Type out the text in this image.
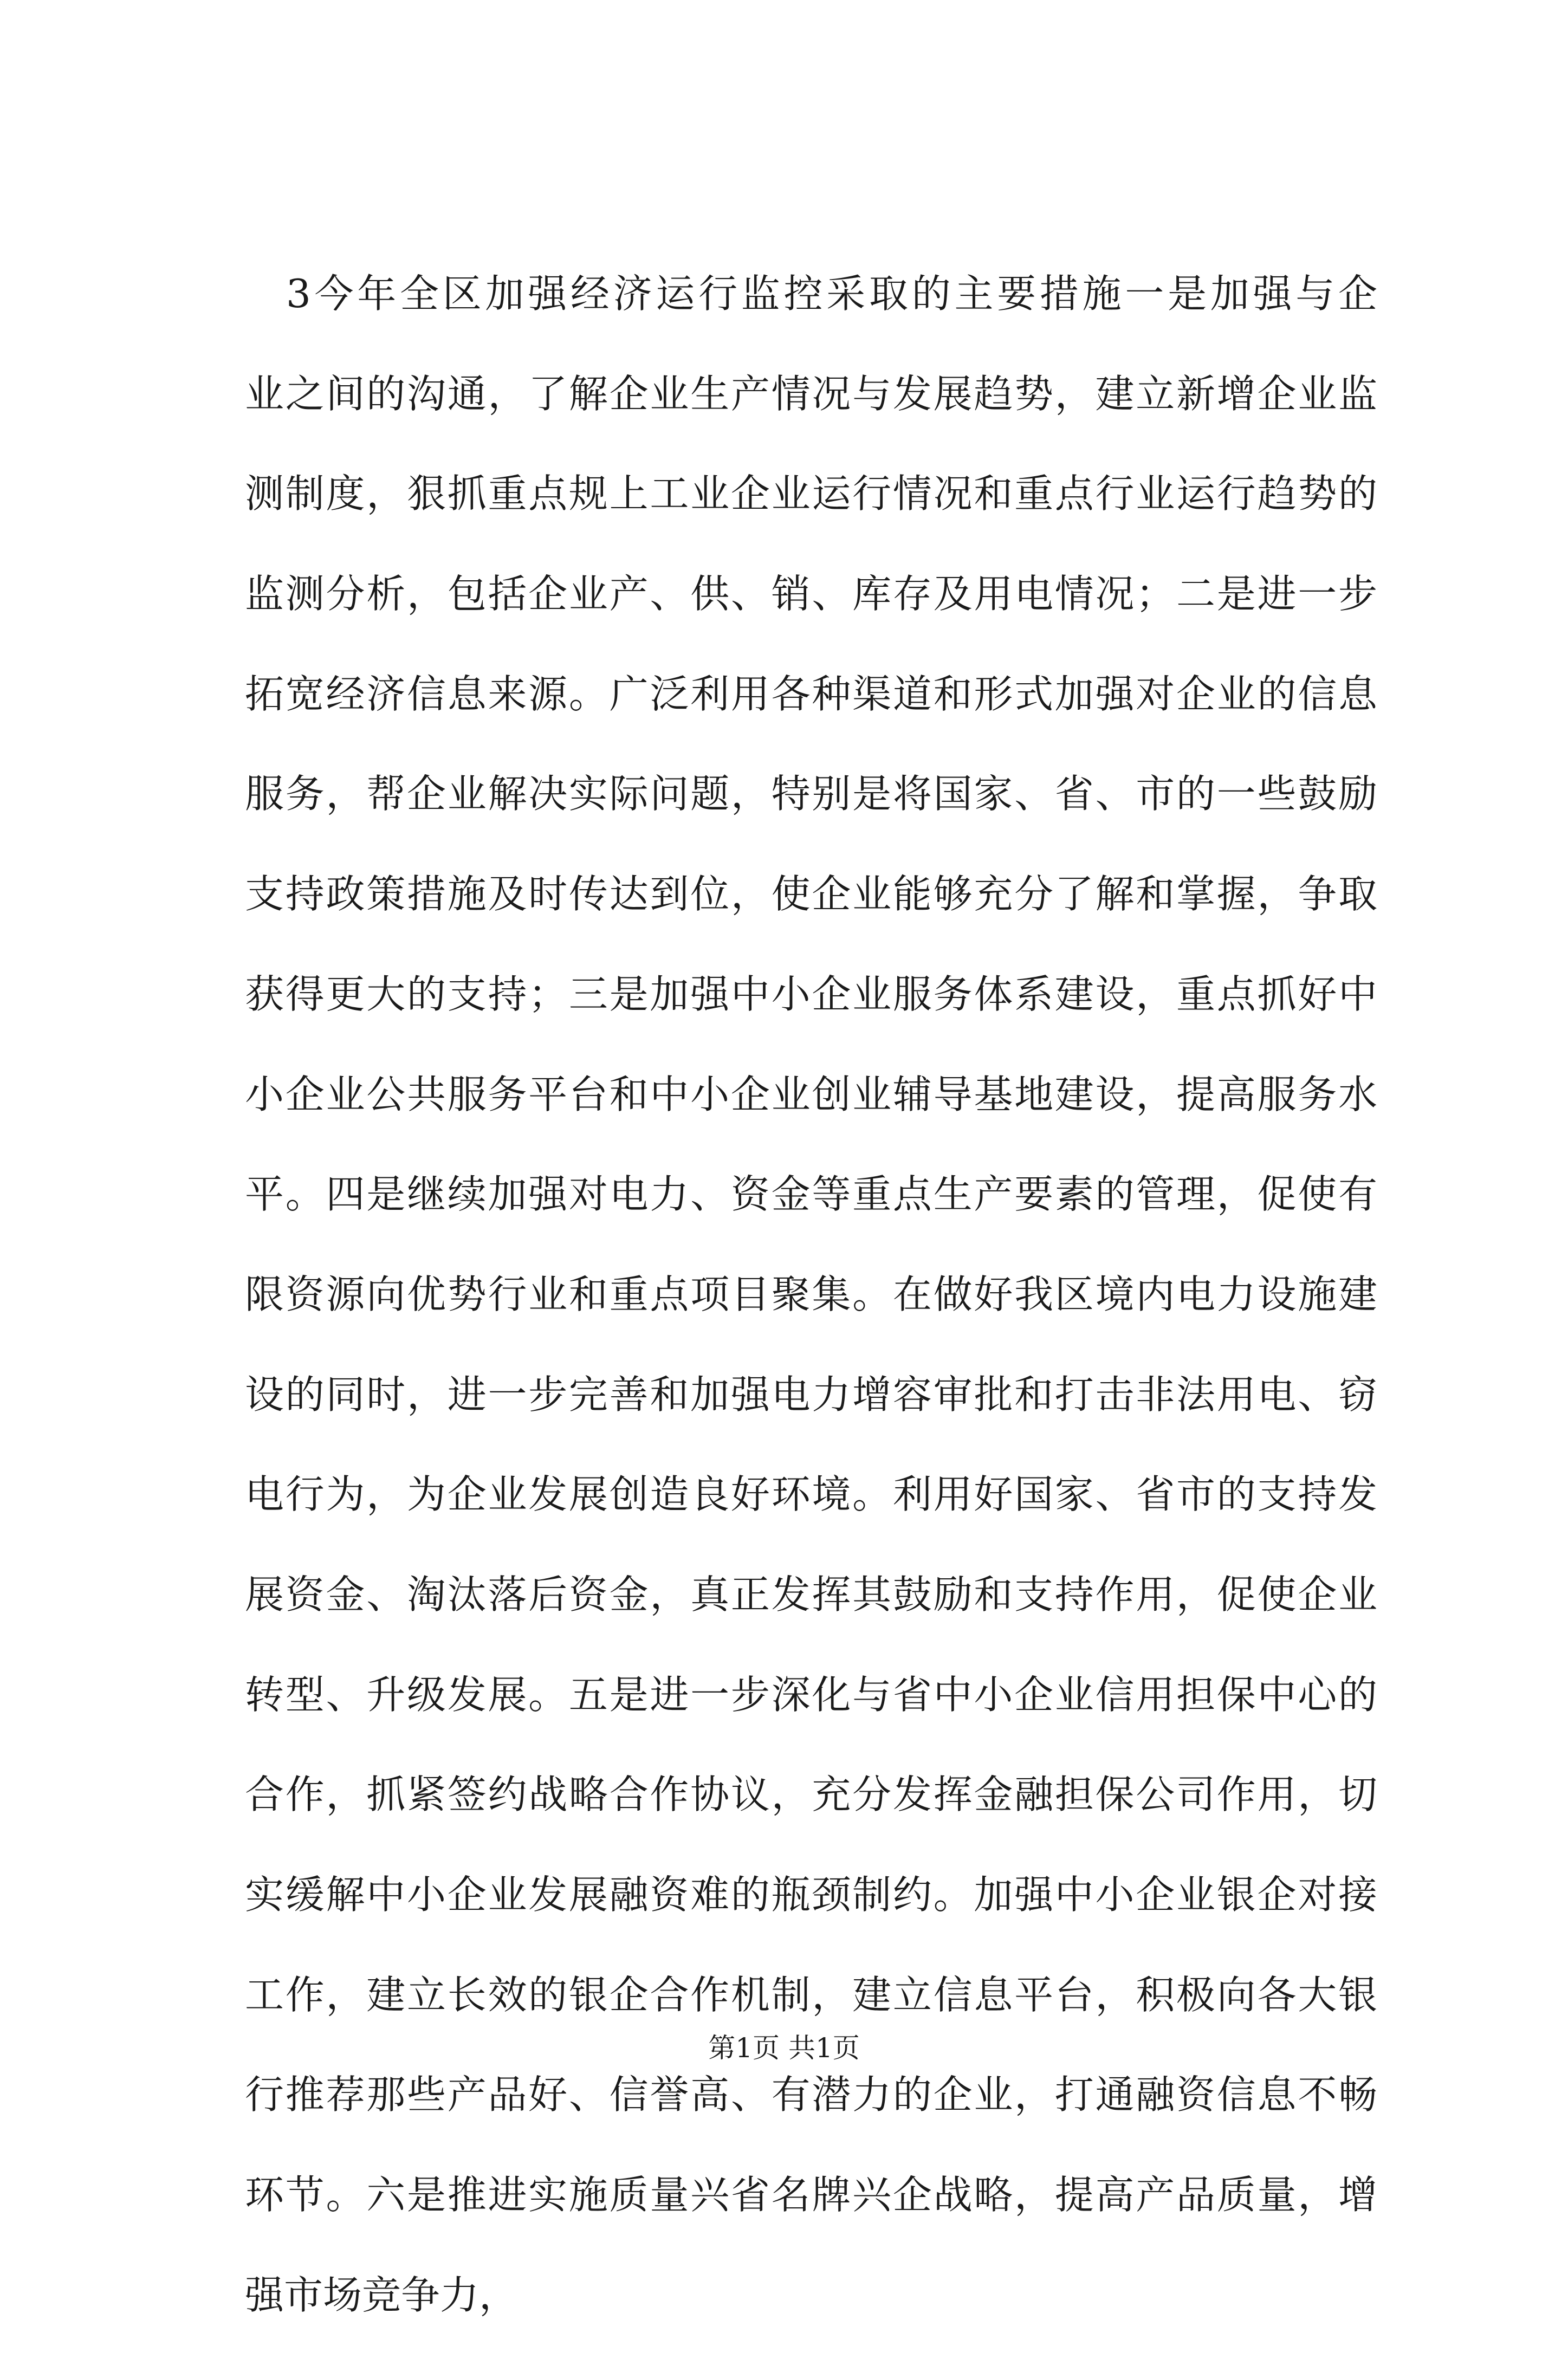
3今年全区加强经济运行监控采取的主要措施一是加强与企
业之间的沟通，了解企业生产情况与发展趋势，建立新增企业监
测制度，狠抓重点规上工业企业运行情况和重点行业运行趋势的
监测分析，包括企业产、供、销、库存及用电情况；二是进一步
拓宽经济信息来源。广泛利用各种渠道和形式加强对企业的信息
服务，帮企业解决实际问题，特别是将国家、省、市的一些鼓励
支持政策措施及时传达到位，使企业能够充分了解和掌握，争取
获得更大的支持；三是加强中小企业服务体系建设，重点抓好中
小企业公共服务平台和中小企业创业辅导基地建设，提高服务水
平。四是继续加强对电力、资金等重点生产要素的管理，促使有
限资源向优势行业和重点项目聚集。在做好我区境内电力设施建
设的同时，进一步完善和加强电力增容审批和打击非法用电、窃
电行为，为企业发展创造良好环境。利用好国家、省市的支持发
展资金、淘汰落后资金，真正发挥其鼓励和支持作用，促使企业
转型、升级发展。五是进一步深化与省中小企业信用担保中心的
合作，抓紧签约战略合作协议，充分发挥金融担保公司作用，切
实缓解中小企业发展融资难的瓶颈制约。加强中小企业银企对接
工作，建立长效的银企合作机制，建立信息平台，积极向各大银
行推荐那些产品好、信誉高、有潜力的企业，打通融资信息不畅
环节。六是推进实施质量兴省名牌兴企战略，提高产品质量，增
强市场竞争力，
第1页 共1页
